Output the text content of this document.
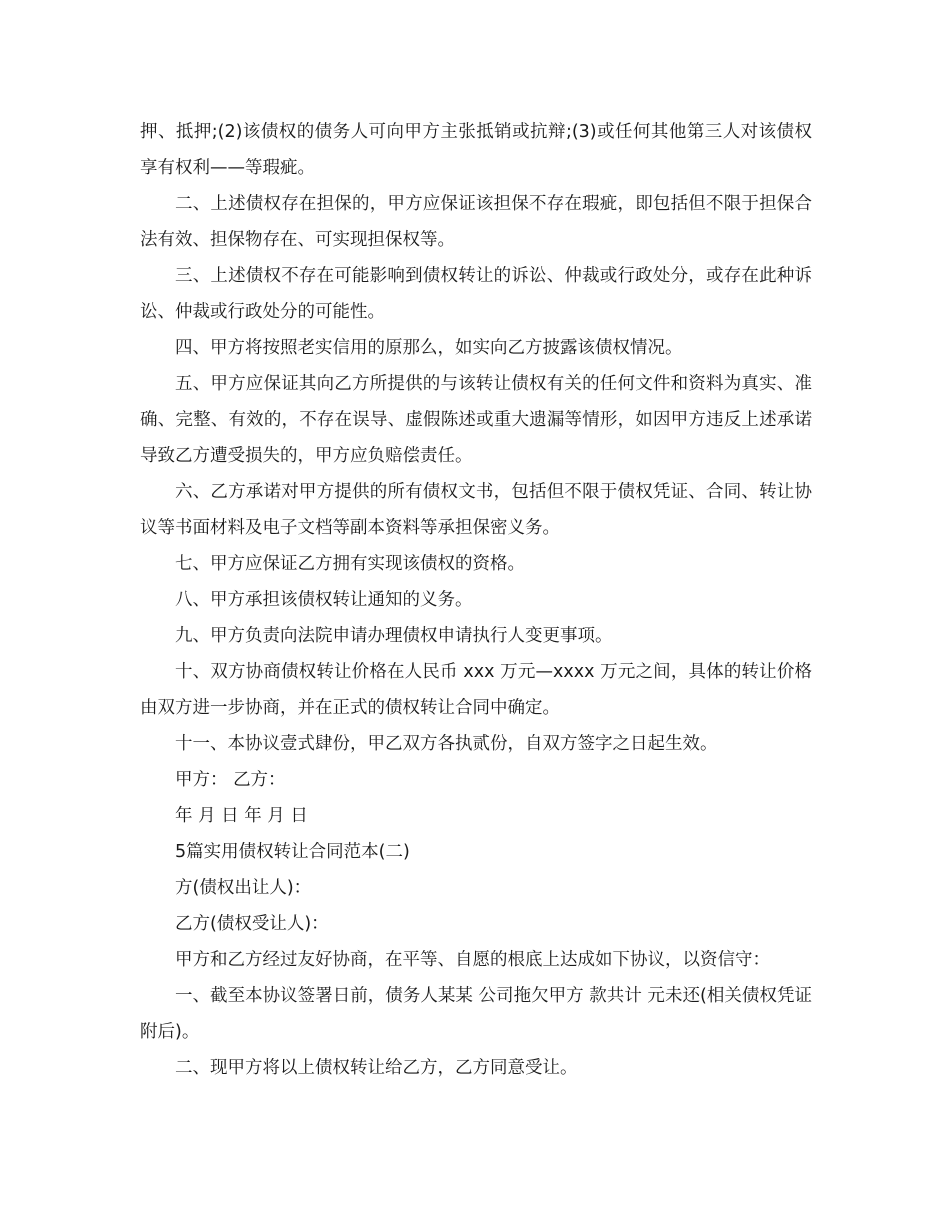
押、抵押;(2)该债权的债务人可向甲方主张抵销或抗辩;(3)或任何其他第三人对该债权享有权利——等瑕疵。

二、上述债权存在担保的，甲方应保证该担保不存在瑕疵，即包括但不限于担保合法有效、担保物存在、可实现担保权等。

三、上述债权不存在可能影响到债权转让的诉讼、仲裁或行政处分，或存在此种诉讼、仲裁或行政处分的可能性。

四、甲方将按照老实信用的原那么，如实向乙方披露该债权情况。

五、甲方应保证其向乙方所提供的与该转让债权有关的任何文件和资料为真实、准确、完整、有效的，不存在误导、虚假陈述或重大遗漏等情形，如因甲方违反上述承诺导致乙方遭受损失的，甲方应负赔偿责任。

六、乙方承诺对甲方提供的所有债权文书，包括但不限于债权凭证、合同、转让协议等书面材料及电子文档等副本资料等承担保密义务。

七、甲方应保证乙方拥有实现该债权的资格。

八、甲方承担该债权转让通知的义务。

九、甲方负责向法院申请办理债权申请执行人变更事项。

十、双方协商债权转让价格在人民币 xxx 万元—xxxx 万元之间，具体的转让价格由双方进一步协商，并在正式的债权转让合同中确定。

十一、本协议壹式肆份，甲乙双方各执贰份，自双方签字之日起生效。

甲方： 乙方：

年 月 日 年 月 日

5篇实用债权转让合同范本(二)

方(债权出让人)：

乙方(债权受让人)：

甲方和乙方经过友好协商，在平等、自愿的根底上达成如下协议，以资信守：

一、截至本协议签署日前，债务人某某 公司拖欠甲方 款共计 元未还(相关债权凭证附后)。

二、现甲方将以上债权转让给乙方，乙方同意受让。
